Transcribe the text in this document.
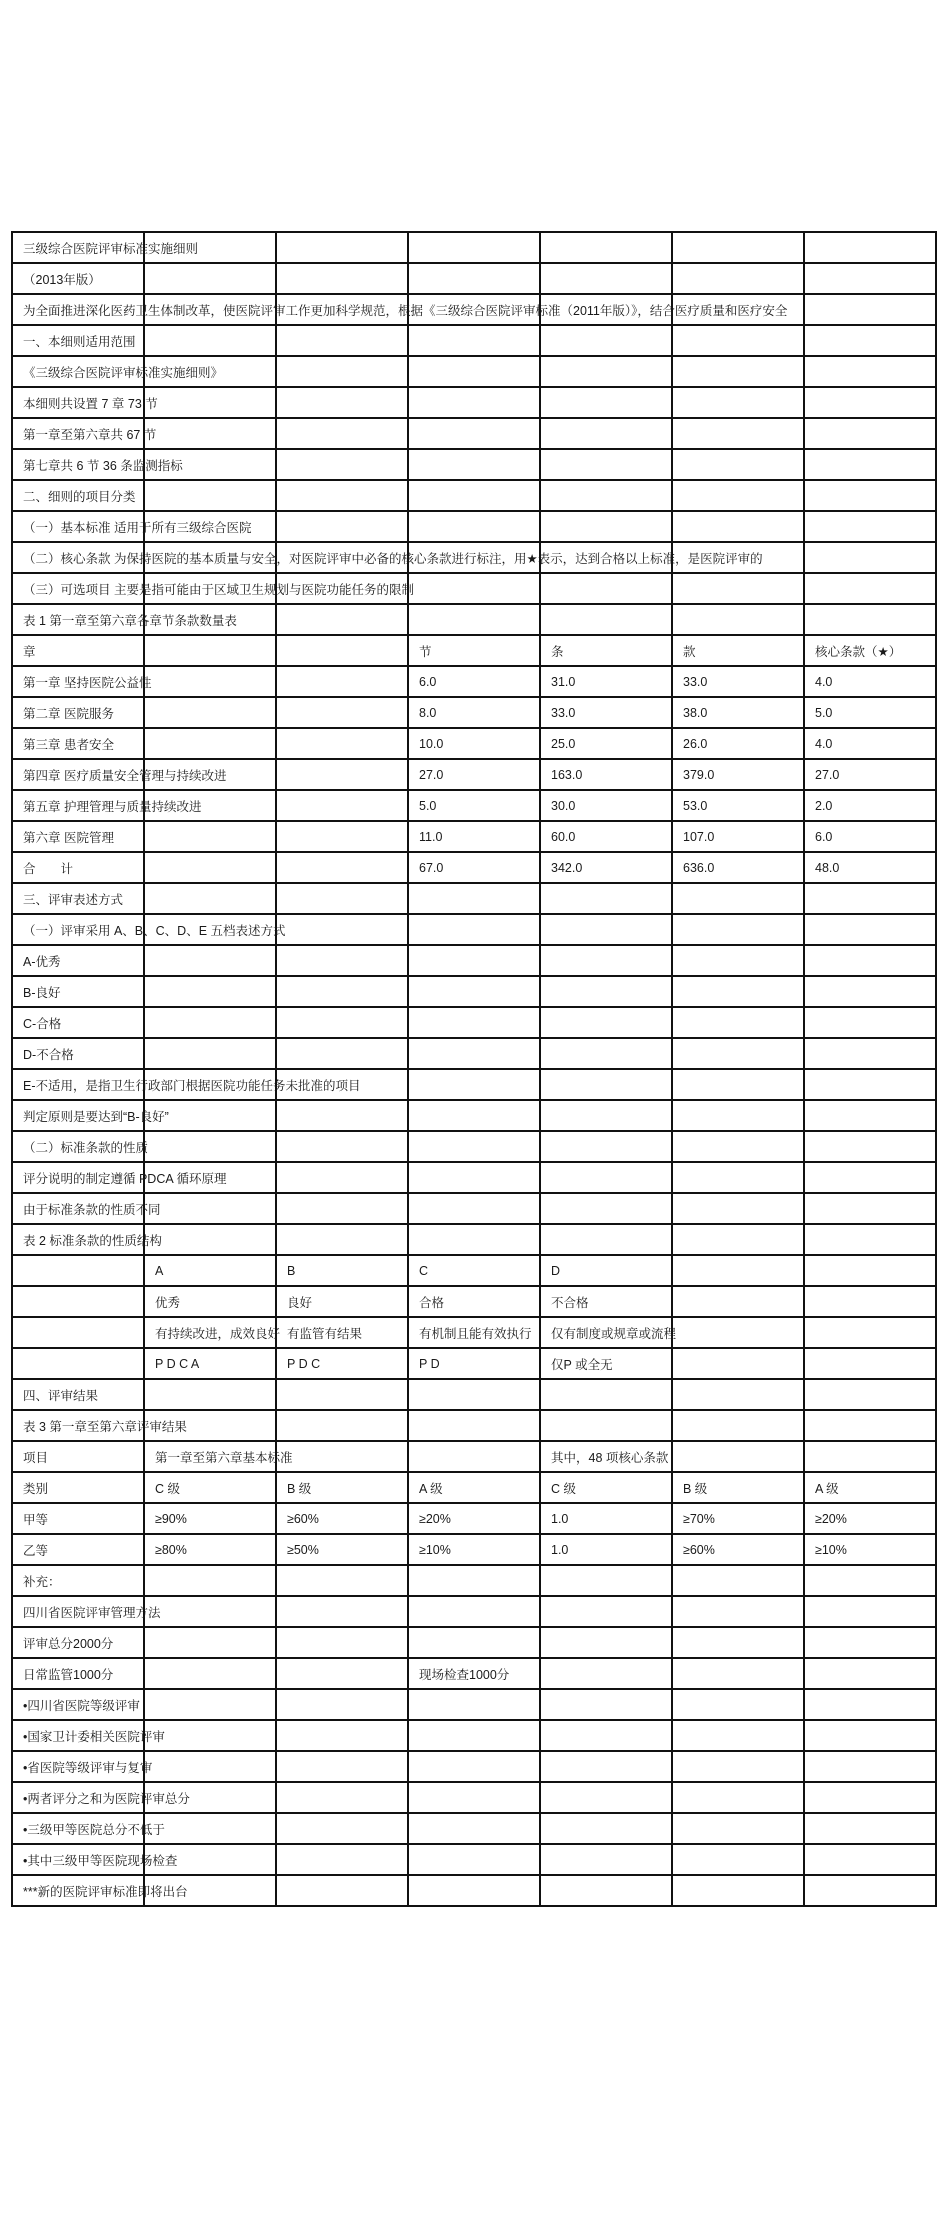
三级综合医院评审标准实施细则						
（2013年版）						
为全面推进深化医药卫生体制改革，使医院评审工作更加科学规范，根据《三级综合医院评审标准（2011年版）》，结合医疗质量和医疗安全						
一、本细则适用范围						
《三级综合医院评审标准实施细则》						
本细则共设置 7 章 73 节						
第一章至第六章共 67 节						
第七章共 6 节 36 条监测指标						
二、细则的项目分类						
（一）基本标准 适用于所有三级综合医院						
（二）核心条款 为保持医院的基本质量与安全，对医院评审中必备的核心条款进行标注，用★表示，达到合格以上标准，是医院评审的						
（三）可选项目 主要是指可能由于区域卫生规划与医院功能任务的限制						
表 1 第一章至第六章各章节条款数量表						
章			节	条	款	核心条款（★）
第一章 坚持医院公益性			6.0	31.0	33.0	4.0
第二章 医院服务			8.0	33.0	38.0	5.0
第三章 患者安全			10.0	25.0	26.0	4.0
第四章 医疗质量安全管理与持续改进			27.0	163.0	379.0	27.0
第五章 护理管理与质量持续改进			5.0	30.0	53.0	2.0
第六章 医院管理			11.0	60.0	107.0	6.0
合　　计			67.0	342.0	636.0	48.0
三、评审表述方式						
（一）评审采用 A、B、C、D、E 五档表述方式						
A-优秀						
B-良好						
C-合格						
D-不合格						
E-不适用，是指卫生行政部门根据医院功能任务未批准的项目						
判定原则是要达到“B-良好”						
（二）标准条款的性质						
评分说明的制定遵循 PDCA 循环原理						
由于标准条款的性质不同						
表 2 标准条款的性质结构						
	A	B	C	D		
	优秀	良好	合格	不合格		
	有持续改进，成效良好	有监管有结果	有机制且能有效执行	仅有制度或规章或流程		
	P D C A	P D C	P D	仅P 或全无		
四、评审结果						
表 3 第一章至第六章评审结果						
项目	第一章至第六章基本标准			其中，48 项核心条款		
类别	C 级	B 级	A 级	C 级	B 级	A 级
甲等	≥90%	≥60%	≥20%	1.0	≥70%	≥20%
乙等	≥80%	≥50%	≥10%	1.0	≥60%	≥10%
补充：						
四川省医院评审管理方法						
评审总分2000分						
日常监管1000分			现场检查1000分			
•四川省医院等级评审						
•国家卫计委相关医院评审						
•省医院等级评审与复审						
•两者评分之和为医院评审总分						
•三级甲等医院总分不低于						
•其中三级甲等医院现场检查						
***新的医院评审标准即将出台						
